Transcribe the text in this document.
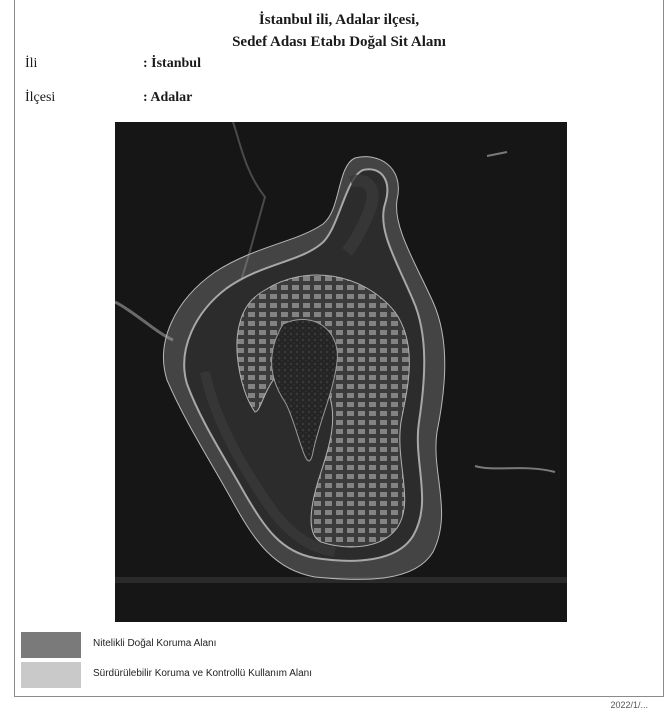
İstanbul ili, Adalar ilçesi,
Sedef Adası Etabı Doğal Sit Alanı
İli	: İstanbul
İlçesi	: Adalar
Nitelikli Doğal Koruma Alanı
Sürdürülebilir Koruma ve Kontrollü Kullanım Alanı
2022/1/...
